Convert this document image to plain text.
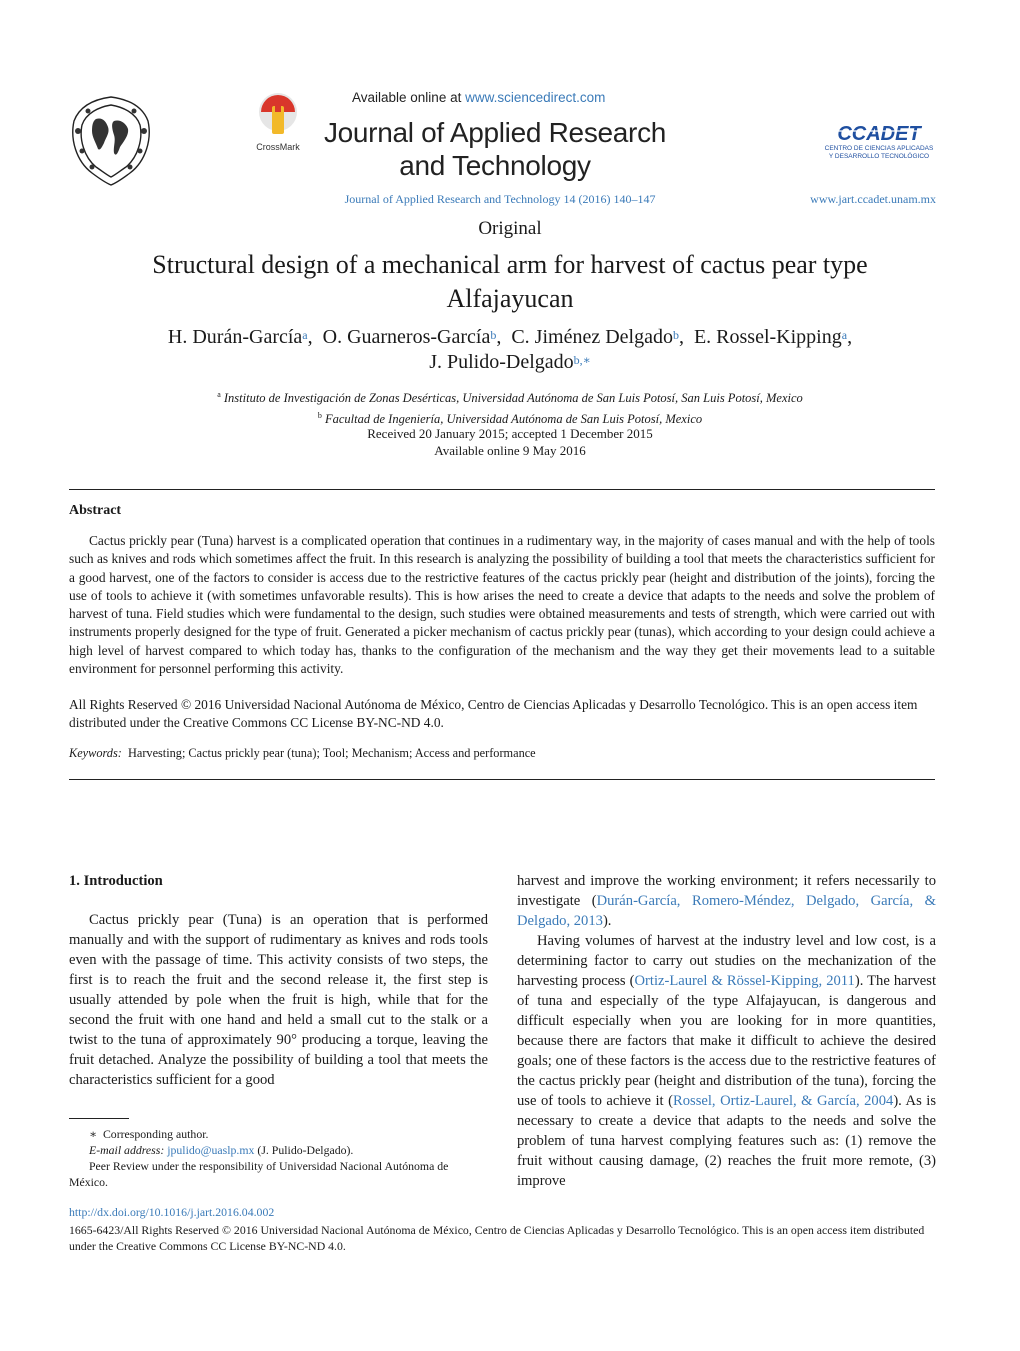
CrossMark
Available online at www.sciencedirect.com
Journal of Applied Research
and Technology
CCADET
CENTRO DE CIENCIAS APLICADAS
Y DESARROLLO TECNOLÓGICO
Journal of Applied Research and Technology 14 (2016) 140–147	www.jart.ccadet.unam.mx
Original
Structural design of a mechanical arm for harvest of cactus pear type
Alfajayucan
H. Durán-García$^a$,  O. Guarneros-García$^b$,  C. Jiménez Delgado$^b$,  E. Rossel-Kipping$^a$,
J. Pulido-Delgado$^{b,∗}$
$^a$ Instituto de Investigación de Zonas Desérticas, Universidad Autónoma de San Luis Potosí, San Luis Potosí, Mexico
$^b$ Facultad de Ingeniería, Universidad Autónoma de San Luis Potosí, Mexico
Received 20 January 2015; accepted 1 December 2015
Available online 9 May 2016
Abstract
Cactus prickly pear (Tuna) harvest is a complicated operation that continues in a rudimentary way, in the majority of cases manual and with the help of tools such as knives and rods which sometimes affect the fruit. In this research is analyzing the possibility of building a tool that meets the characteristics sufficient for a good harvest, one of the factors to consider is access due to the restrictive features of the cactus prickly pear (height and distribution of the joints), forcing the use of tools to achieve it (with sometimes unfavorable results). This is how arises the need to create a device that adapts to the needs and solve the problem of harvest of tuna. Field studies which were fundamental to the design, such studies were obtained measurements and tests of strength, which were carried out with instruments properly designed for the type of fruit. Generated a picker mechanism of cactus prickly pear (tunas), which according to your design could achieve a high level of harvest compared to which today has, thanks to the configuration of the mechanism and the way they get their movements lead to a suitable environment for personnel performing this activity.
All Rights Reserved © 2016 Universidad Nacional Autónoma de México, Centro de Ciencias Aplicadas y Desarrollo Tecnológico. This is an open access item distributed under the Creative Commons CC License BY-NC-ND 4.0.
Keywords: Harvesting; Cactus prickly pear (tuna); Tool; Mechanism; Access and performance
1. Introduction

Cactus prickly pear (Tuna) is an operation that is performed manually and with the support of rudimentary as knives and rods tools even with the passage of time. This activity consists of two steps, the first is to reach the fruit and the second release it, the first step is usually attended by pole when the fruit is high, while that for the second the fruit with one hand and held a small cut to the stalk or a twist to the tuna of approximately 90° producing a torque, leaving the fruit detached. Analyze the possibility of building a tool that meets the characteristics sufficient for a good

harvest and improve the working environment; it refers necessarily to investigate (Durán-García, Romero-Méndez, Delgado, García, & Delgado, 2013).

Having volumes of harvest at the industry level and low cost, is a determining factor to carry out studies on the mechanization of the harvesting process (Ortiz-Laurel & Rössel-Kipping, 2011). The harvest of tuna and especially of the type Alfajayucan, is dangerous and difficult especially when you are looking for in more quantities, because there are factors that make it difficult to achieve the desired goals; one of these factors is the access due to the restrictive features of the cactus prickly pear (height and distribution of the tuna), forcing the use of tools to achieve it (Rossel, Ortiz-Laurel, & García, 2004). As is necessary to create a device that adapts to the needs and solve the problem of tuna harvest complying features such as: (1) remove the fruit without causing damage, (2) reaches the fruit more remote, (3) improve

∗ Corresponding author.
E-mail address: jpulido@uaslp.mx (J. Pulido-Delgado).
Peer Review under the responsibility of Universidad Nacional Autónoma de México.
http://dx.doi.org/10.1016/j.jart.2016.04.002
1665-6423/All Rights Reserved © 2016 Universidad Nacional Autónoma de México, Centro de Ciencias Aplicadas y Desarrollo Tecnológico. This is an open access item distributed under the Creative Commons CC License BY-NC-ND 4.0.
